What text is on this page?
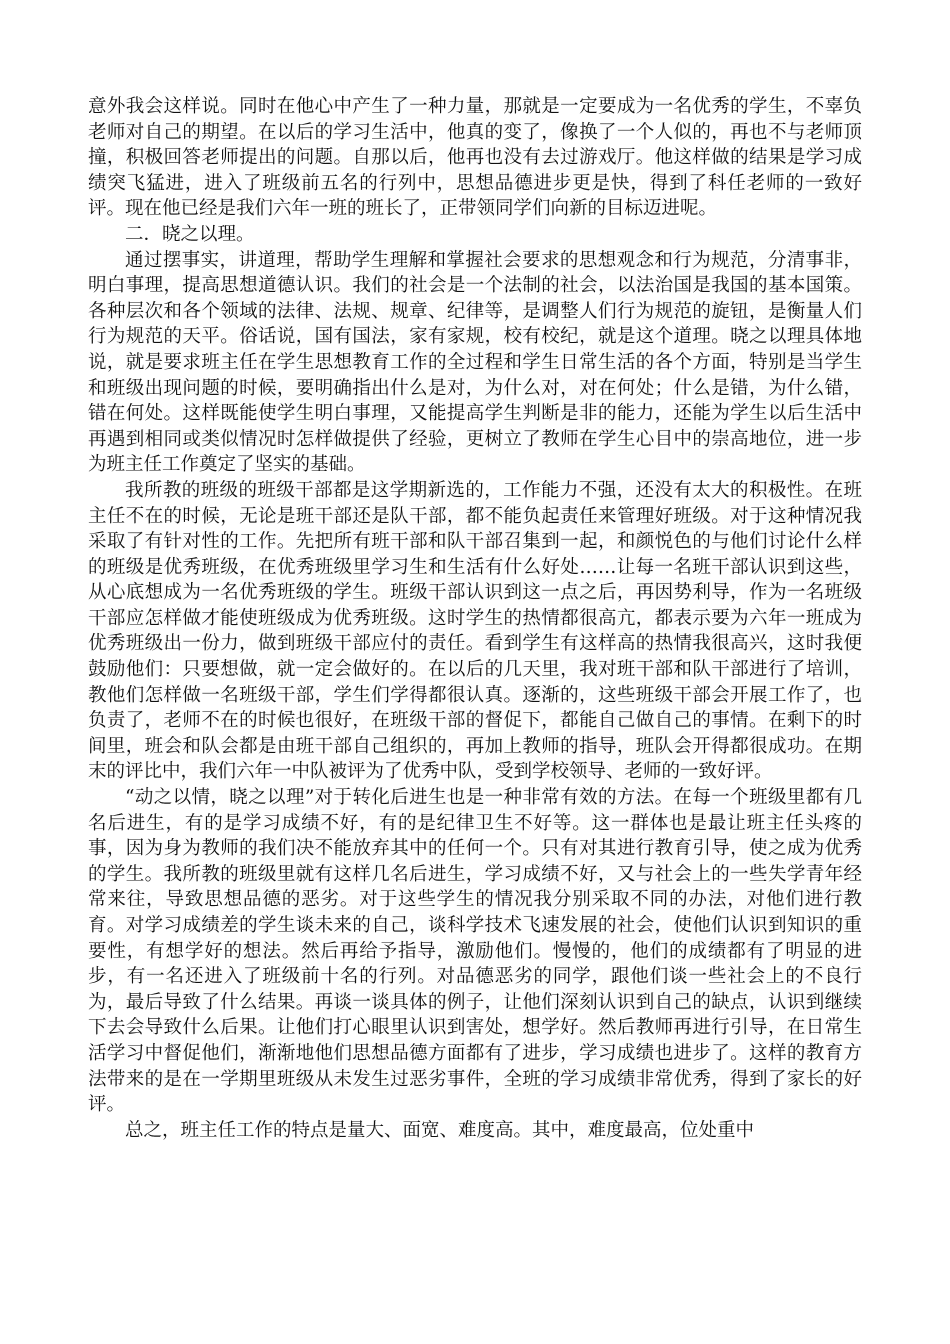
意外我会这样说。同时在他心中产生了一种力量，那就是一定要成为一名优秀的学生，不辜负老师对自己的期望。在以后的学习生活中，他真的变了，像换了一个人似的，再也不与老师顶撞，积极回答老师提出的问题。自那以后，他再也没有去过游戏厅。他这样做的结果是学习成绩突飞猛进，进入了班级前五名的行列中，思想品德进步更是快，得到了科任老师的一致好评。现在他已经是我们六年一班的班长了，正带领同学们向新的目标迈进呢。

二．晓之以理。

通过摆事实，讲道理，帮助学生理解和掌握社会要求的思想观念和行为规范，分清事非，明白事理，提高思想道德认识。我们的社会是一个法制的社会，以法治国是我国的基本国策。各种层次和各个领域的法律、法规、规章、纪律等，是调整人们行为规范的旋钮，是衡量人们行为规范的天平。俗话说，国有国法，家有家规，校有校纪，就是这个道理。晓之以理具体地说，就是要求班主任在学生思想教育工作的全过程和学生日常生活的各个方面，特别是当学生和班级出现问题的时候，要明确指出什么是对，为什么对，对在何处；什么是错，为什么错，错在何处。这样既能使学生明白事理，又能提高学生判断是非的能力，还能为学生以后生活中再遇到相同或类似情况时怎样做提供了经验，更树立了教师在学生心目中的崇高地位，进一步为班主任工作奠定了坚实的基础。

我所教的班级的班级干部都是这学期新选的，工作能力不强，还没有太大的积极性。在班主任不在的时候，无论是班干部还是队干部，都不能负起责任来管理好班级。对于这种情况我采取了有针对性的工作。先把所有班干部和队干部召集到一起，和颜悦色的与他们讨论什么样的班级是优秀班级，在优秀班级里学习生和生活有什么好处……让每一名班干部认识到这些，从心底想成为一名优秀班级的学生。班级干部认识到这一点之后，再因势利导，作为一名班级干部应怎样做才能使班级成为优秀班级。这时学生的热情都很高亢，都表示要为六年一班成为优秀班级出一份力，做到班级干部应付的责任。看到学生有这样高的热情我很高兴，这时我便鼓励他们：只要想做，就一定会做好的。在以后的几天里，我对班干部和队干部进行了培训，教他们怎样做一名班级干部，学生们学得都很认真。逐渐的，这些班级干部会开展工作了，也负责了，老师不在的时候也很好，在班级干部的督促下，都能自己做自己的事情。在剩下的时间里，班会和队会都是由班干部自己组织的，再加上教师的指导，班队会开得都很成功。在期末的评比中，我们六年一中队被评为了优秀中队，受到学校领导、老师的一致好评。

“动之以情，晓之以理”对于转化后进生也是一种非常有效的方法。在每一个班级里都有几名后进生，有的是学习成绩不好，有的是纪律卫生不好等。这一群体也是最让班主任头疼的事，因为身为教师的我们决不能放弃其中的任何一个。只有对其进行教育引导，使之成为优秀的学生。我所教的班级里就有这样几名后进生，学习成绩不好，又与社会上的一些失学青年经常来往，导致思想品德的恶劣。对于这些学生的情况我分别采取不同的办法，对他们进行教育。对学习成绩差的学生谈未来的自己，谈科学技术飞速发展的社会，使他们认识到知识的重要性，有想学好的想法。然后再给予指导，激励他们。慢慢的，他们的成绩都有了明显的进步，有一名还进入了班级前十名的行列。对品德恶劣的同学，跟他们谈一些社会上的不良行为，最后导致了什么结果。再谈一谈具体的例子，让他们深刻认识到自己的缺点，认识到继续下去会导致什么后果。让他们打心眼里认识到害处，想学好。然后教师再进行引导，在日常生活学习中督促他们，渐渐地他们思想品德方面都有了进步，学习成绩也进步了。这样的教育方法带来的是在一学期里班级从未发生过恶劣事件，全班的学习成绩非常优秀，得到了家长的好评。

总之，班主任工作的特点是量大、面宽、难度高。其中，难度最高，位处重中
